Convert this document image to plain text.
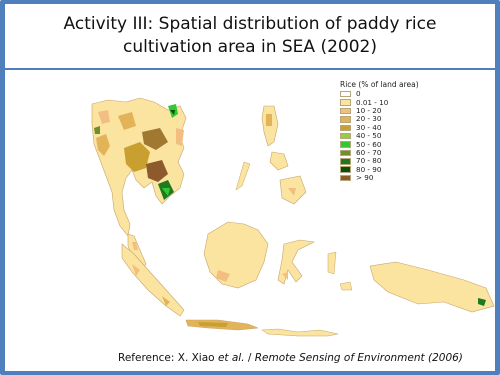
Activity III: Spatial distribution of paddy rice cultivation area in SEA (2002)
Rice (% of land area)
0
0.01 - 10
10 - 20
20 - 30
30 - 40
40 - 50
50 - 60
60 - 70
70 - 80
80 - 90
> 90
Reference: X. Xiao et al. / Remote Sensing of Environment (2006)
